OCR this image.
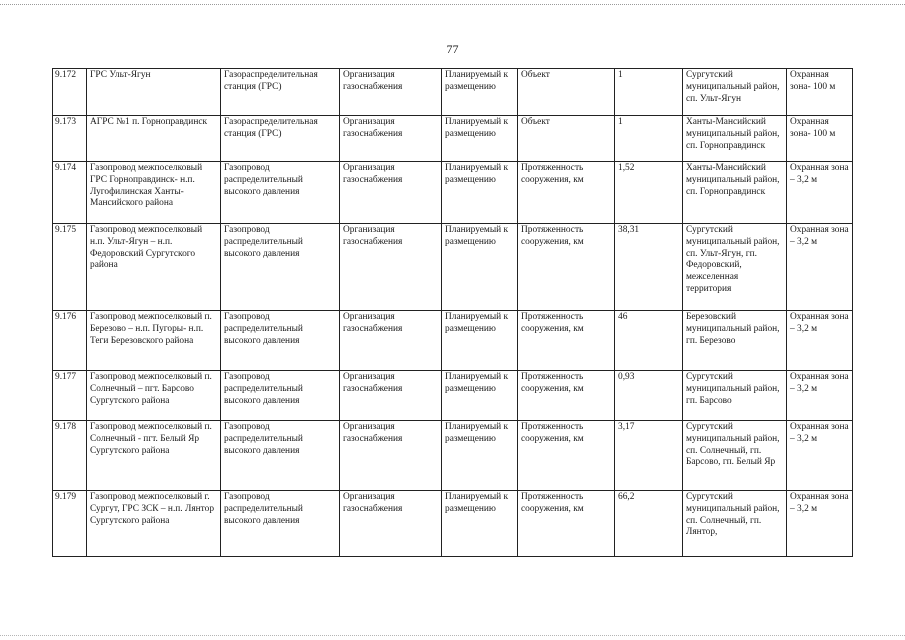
77
9.172	ГРС Ульт-Ягун	Газораспределительная станция (ГРС)	Организация газоснабжения	Планируемый к размещению	Объект	1	Сургутский муниципальный район, сп. Ульт-Ягун	Охранная зона- 100 м
9.173	АГРС №1 п. Горноправдинск	Газораспределительная станция (ГРС)	Организация газоснабжения	Планируемый к размещению	Объект	1	Ханты-Мансийский муниципальный район, сп. Горноправдинск	Охранная зона- 100 м
9.174	Газопровод межпоселковый ГРС Горноправдинск- н.п. Лугофилинская Ханты-Мансийского района	Газопровод распределительный высокого давления	Организация газоснабжения	Планируемый к размещению	Протяженность сооружения, км	1,52	Ханты-Мансийский муниципальный район, сп. Горноправдинск	Охранная зона – 3,2 м
9.175	Газопровод межпоселковый н.п. Ульт-Ягун – н.п. Федоровский Сургутского района	Газопровод распределительный высокого давления	Организация газоснабжения	Планируемый к размещению	Протяженность сооружения, км	38,31	Сургутский муниципальный район, сп. Ульт-Ягун, гп. Федоровский, межселенная территория	Охранная зона – 3,2 м
9.176	Газопровод межпоселковый п. Березово – н.п. Пугоры- н.п. Теги Березовского района	Газопровод распределительный высокого давления	Организация газоснабжения	Планируемый к размещению	Протяженность сооружения, км	46	Березовский муниципальный район, гп. Березово	Охранная зона – 3,2 м
9.177	Газопровод межпоселковый п. Солнечный – пгт. Барсово Сургутского района	Газопровод распределительный высокого давления	Организация газоснабжения	Планируемый к размещению	Протяженность сооружения, км	0,93	Сургутский муниципальный район, гп. Барсово	Охранная зона – 3,2 м
9.178	Газопровод межпоселковый п. Солнечный - пгт. Белый Яр Сургутского района	Газопровод распределительный высокого давления	Организация газоснабжения	Планируемый к размещению	Протяженность сооружения, км	3,17	Сургутский муниципальный район, сп. Солнечный, гп. Барсово, гп. Белый Яр	Охранная зона – 3,2 м
9.179	Газопровод межпоселковый г. Сургут, ГРС ЗСК – н.п. Лянтор Сургутского района	Газопровод распределительный высокого давления	Организация газоснабжения	Планируемый к размещению	Протяженность сооружения, км	66,2	Сургутский муниципальный район, сп. Солнечный, гп. Лянтор,	Охранная зона – 3,2 м
